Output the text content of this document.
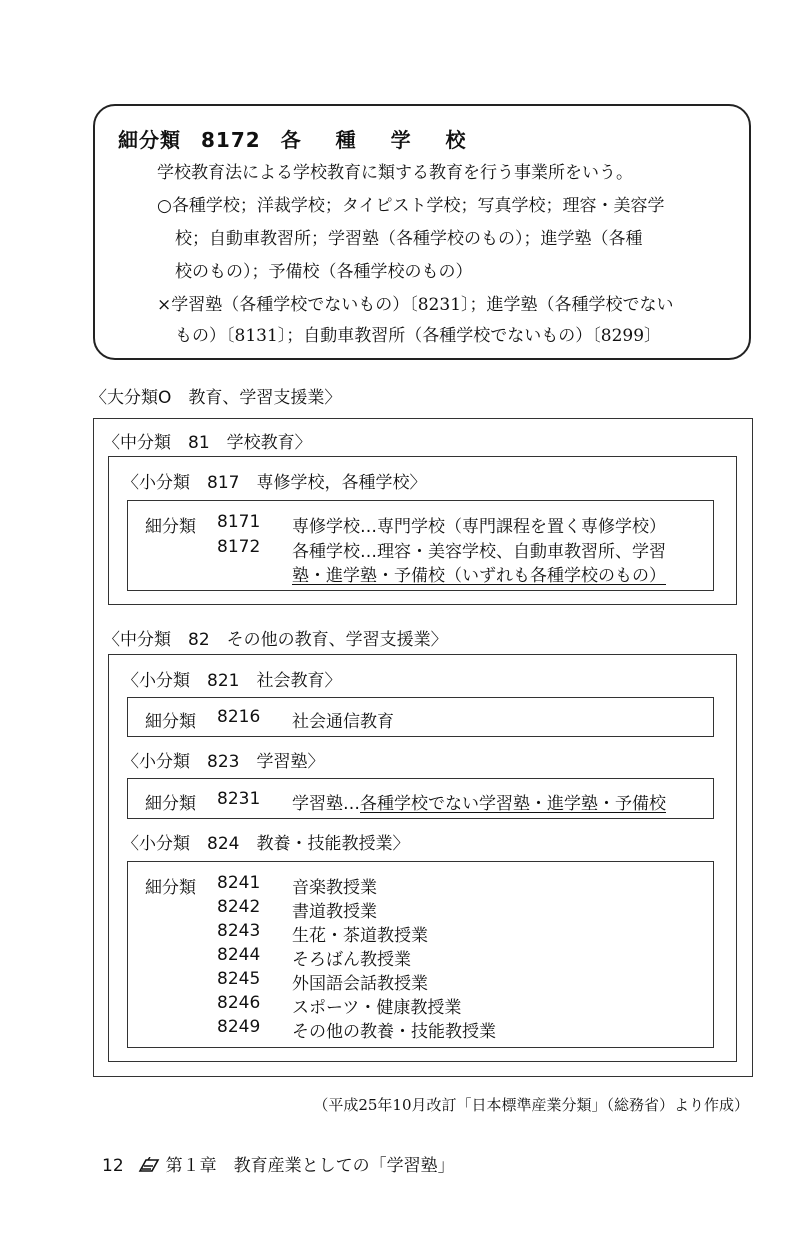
細分類 8172 各 種 学 校
学校教育法による学校教育に類する教育を行う事業所をいう。
○各種学校；洋裁学校；タイピスト学校；写真学校；理容・美容学
校；自動車教習所；学習塾（各種学校のもの）；進学塾（各種
校のもの）；予備校（各種学校のもの）
×学習塾（各種学校でないもの）〔8231〕；進学塾（各種学校でない
もの）〔8131〕；自動車教習所（各種学校でないもの）〔8299〕
〈大分類O　教育、学習支援業〉
〈中分類　81　学校教育〉
〈小分類　817　専修学校，各種学校〉
細分類 8171 専修学校…専門学校（専門課程を置く専修学校）
8172 各種学校…理容・美容学校、自動車教習所、学習
塾・進学塾・予備校（いずれも各種学校のもの）
〈中分類　82　その他の教育、学習支援業〉
〈小分類　821　社会教育〉
細分類 8216 社会通信教育
〈小分類　823　学習塾〉
細分類 8231 学習塾…各種学校でない学習塾・進学塾・予備校
〈小分類　824　教養・技能教授業〉
細分類 8241 音楽教授業
8242 書道教授業
8243 生花・茶道教授業
8244 そろばん教授業
8245 外国語会話教授業
8246 スポーツ・健康教授業
8249 その他の教養・技能教授業
（平成25年10月改訂「日本標準産業分類」（総務省）より作成）
12 第１章　教育産業としての「学習塾」
